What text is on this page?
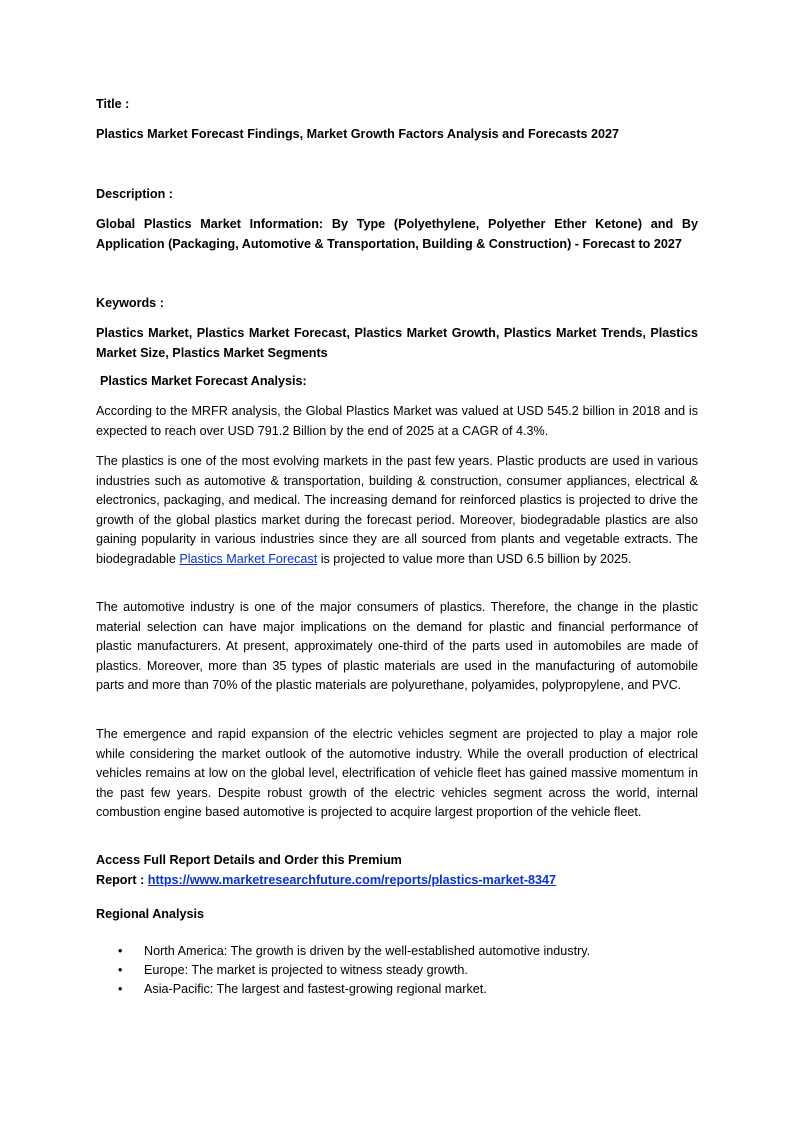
Title :
Plastics Market Forecast Findings, Market Growth Factors Analysis and Forecasts 2027
Description :
Global Plastics Market Information: By Type (Polyethylene, Polyether Ether Ketone) and By Application (Packaging, Automotive & Transportation, Building & Construction) - Forecast to 2027
Keywords :
Plastics Market, Plastics Market Forecast, Plastics Market Growth, Plastics Market Trends, Plastics Market Size, Plastics Market Segments
Plastics Market Forecast Analysis:
According to the MRFR analysis, the Global Plastics Market was valued at USD 545.2 billion in 2018 and is expected to reach over USD 791.2 Billion by the end of 2025 at a CAGR of 4.3%.
The plastics is one of the most evolving markets in the past few years. Plastic products are used in various industries such as automotive & transportation, building & construction, consumer appliances, electrical & electronics, packaging, and medical. The increasing demand for reinforced plastics is projected to drive the growth of the global plastics market during the forecast period. Moreover, biodegradable plastics are also gaining popularity in various industries since they are all sourced from plants and vegetable extracts. The biodegradable Plastics Market Forecast is projected to value more than USD 6.5 billion by 2025.
The automotive industry is one of the major consumers of plastics. Therefore, the change in the plastic material selection can have major implications on the demand for plastic and financial performance of plastic manufacturers. At present, approximately one-third of the parts used in automobiles are made of plastics. Moreover, more than 35 types of plastic materials are used in the manufacturing of automobile parts and more than 70% of the plastic materials are polyurethane, polyamides, polypropylene, and PVC.
The emergence and rapid expansion of the electric vehicles segment are projected to play a major role while considering the market outlook of the automotive industry. While the overall production of electrical vehicles remains at low on the global level, electrification of vehicle fleet has gained massive momentum in the past few years. Despite robust growth of the electric vehicles segment across the world, internal combustion engine based automotive is projected to acquire largest proportion of the vehicle fleet.
Access Full Report Details and Order this Premium
Report : https://www.marketresearchfuture.com/reports/plastics-market-8347
Regional Analysis
• North America: The growth is driven by the well-established automotive industry.
• Europe: The market is projected to witness steady growth.
• Asia-Pacific: The largest and fastest-growing regional market.
